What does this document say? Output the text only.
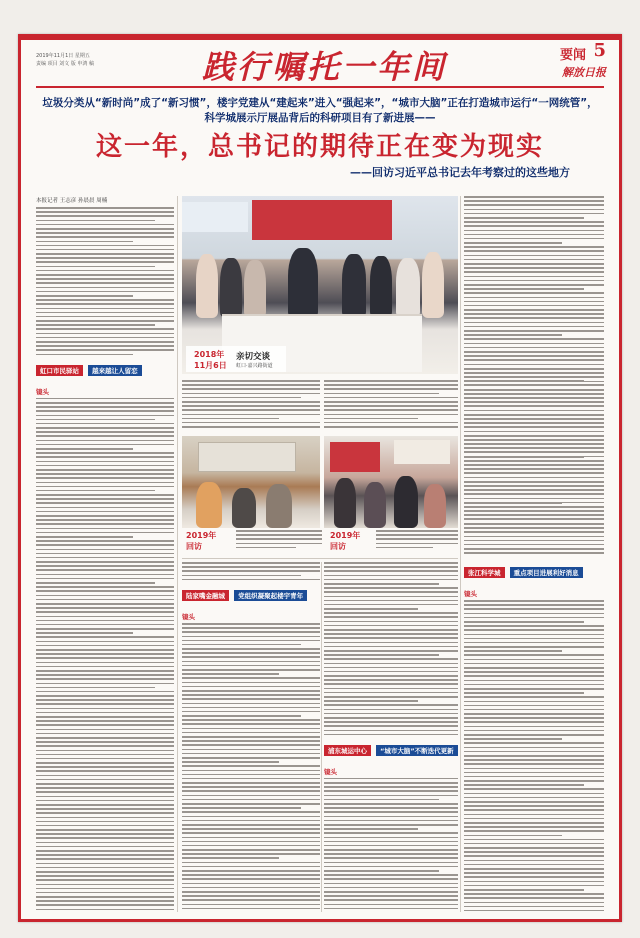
2019年11月1日 星期五
责编 项目 刘文 版 申鸿 稿	践行嘱托一年间	要闻 5
解放日报
垃圾分类从“新时尚”成了“新习惯”，楼宇党建从“建起来”进入“强起来”，“城市大脑”正在打造城市运行“一网统管”，科学城展示厅展品背后的科研项目有了新进展——
这一年，总书记的期待正在变为现实
——回访习近平总书记去年考察过的这些地方
本报记者 王志彦 孙晨晨 周楠
虹口市民驿站 越来越让人留恋
镜头
2018年
11月6日
亲切交谈
虹口·嘉兴路街道
2019年
回访
2019年
回访
陆家嘴金融城 党组织凝聚起楼宇青年
镜头
浦东城运中心 “城市大脑”不断迭代更新
镜头
张江科学城 重点项目进展利好消息
镜头
